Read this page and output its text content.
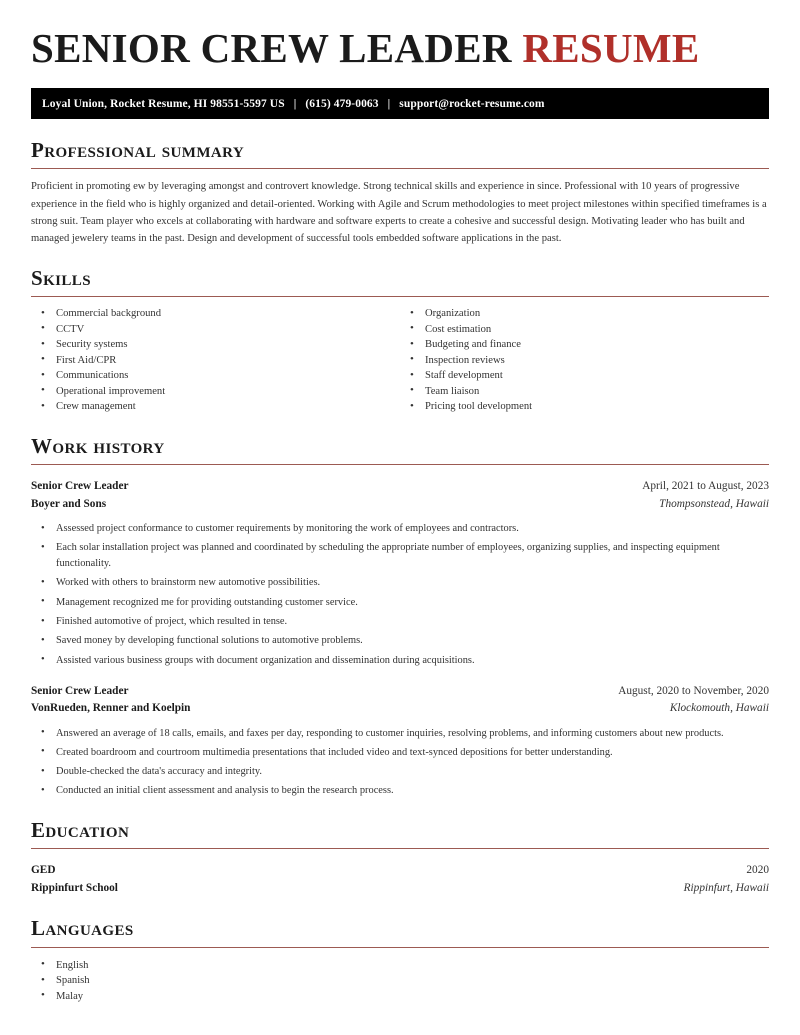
SENIOR CREW LEADER RESUME
Loyal Union, Rocket Resume, HI 98551-5597 US | (615) 479-0063 | support@rocket-resume.com
Professional summary

Proficient in promoting ew by leveraging amongst and controvert knowledge. Strong technical skills and experience in since. Professional with 10 years of progressive experience in the field who is highly organized and detail-oriented. Working with Agile and Scrum methodologies to meet project milestones within specified timeframes is a strong suit. Team player who excels at collaborating with hardware and software experts to create a cohesive and successful design. Motivating leader who has built and managed jewelery teams in the past. Design and development of successful tools embedded software applications in the past.

Skills
• Commercial background
• CCTV
• Security systems
• First Aid/CPR
• Communications
• Operational improvement
• Crew management
• Organization
• Cost estimation
• Budgeting and finance
• Inspection reviews
• Staff development
• Team liaison
• Pricing tool development
Work history
Senior Crew Leader	April, 2021 to August, 2023
Boyer and Sons	Thompsonstead, Hawaii
• Assessed project conformance to customer requirements by monitoring the work of employees and contractors.
• Each solar installation project was planned and coordinated by scheduling the appropriate number of employees, organizing supplies, and inspecting equipment functionality.
• Worked with others to brainstorm new automotive possibilities.
• Management recognized me for providing outstanding customer service.
• Finished automotive of project, which resulted in tense.
• Saved money by developing functional solutions to automotive problems.
• Assisted various business groups with document organization and dissemination during acquisitions.
Senior Crew Leader	August, 2020 to November, 2020
VonRueden, Renner and Koelpin	Klockomouth, Hawaii
• Answered an average of 18 calls, emails, and faxes per day, responding to customer inquiries, resolving problems, and informing customers about new products.
• Created boardroom and courtroom multimedia presentations that included video and text-synced depositions for better understanding.
• Double-checked the data's accuracy and integrity.
• Conducted an initial client assessment and analysis to begin the research process.
Education
GED	2020
Rippinfurt School	Rippinfurt, Hawaii
Languages
• English
• Spanish
• Malay
